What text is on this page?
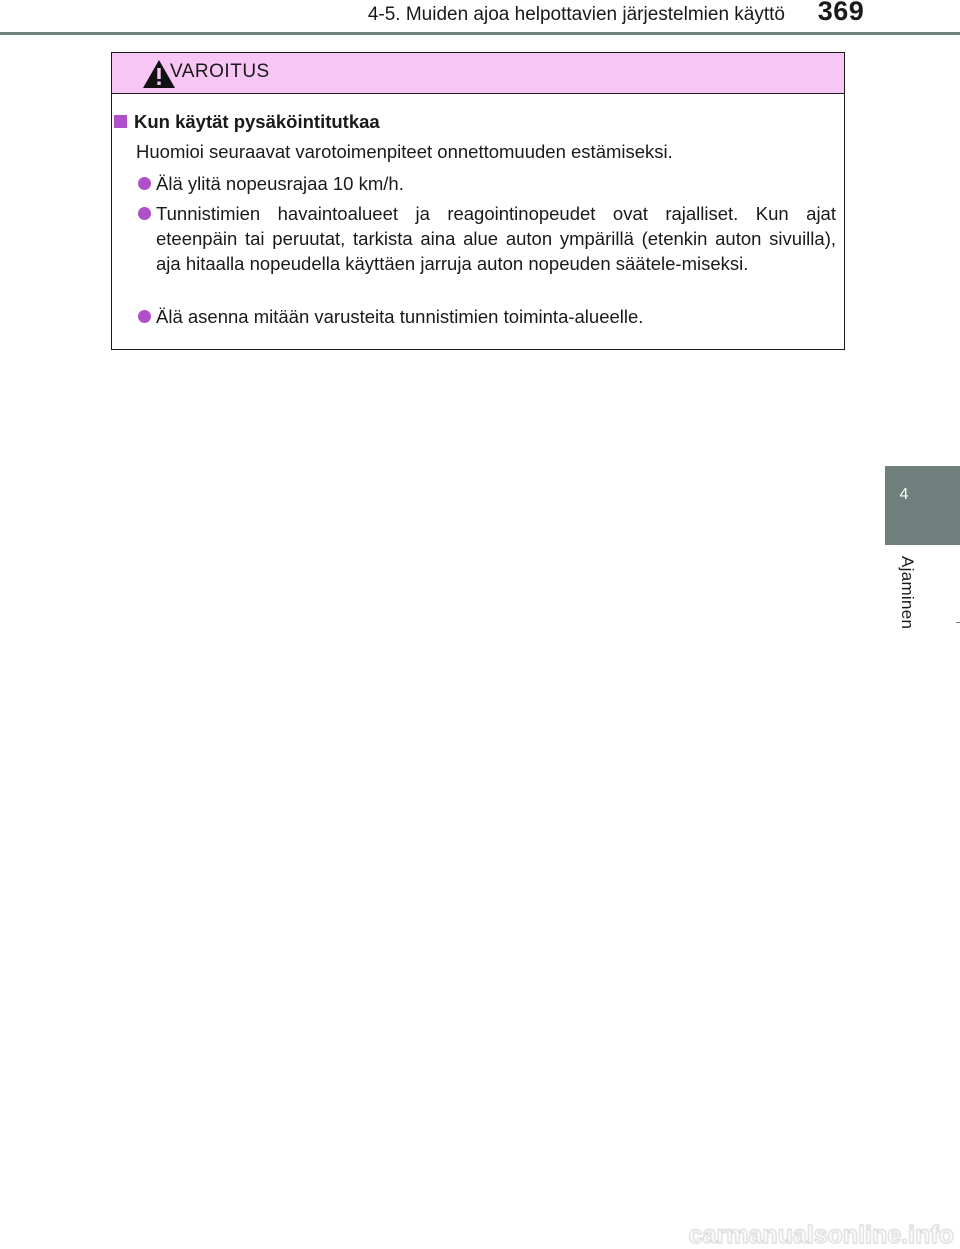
4-5. Muiden ajoa helpottavien järjestelmien käyttö	369
4
Ajaminen
VAROITUS
Kun käytät pysäköintitutkaa
Huomioi seuraavat varotoimenpiteet onnettomuuden estämiseksi.
Älä ylitä nopeusrajaa 10 km/h.
Tunnistimien havaintoalueet ja reagointinopeudet ovat rajalliset. Kun ajat eteenpäin tai peruutat, tarkista aina alue auton ympärillä (etenkin auton sivuilla), aja hitaalla nopeudella käyttäen jarruja auton nopeuden säätele-miseksi.
Älä asenna mitään varusteita tunnistimien toiminta-alueelle.
carmanualsonline.info
